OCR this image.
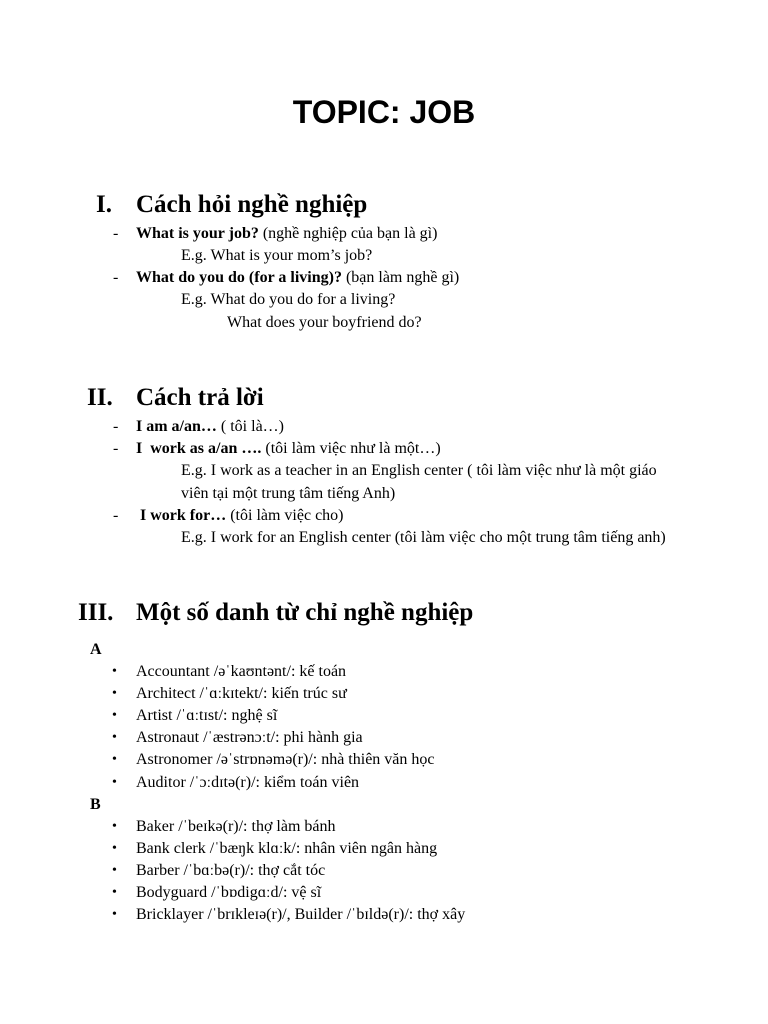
TOPIC: JOB
I. Cách hỏi nghề nghiệp
- What is your job? (nghề nghiệp của bạn là gì)
E.g. What is your mom’s job?
- What do you do (for a living)? (bạn làm nghề gì)
E.g. What do you do for a living?
What does your boyfriend do?
II. Cách trả lời
- I am a/an… ( tôi là…)
- I  work as a/an …. (tôi làm việc như là một…)
E.g. I work as a teacher in an English center ( tôi làm việc như là một giáo
viên tại một trung tâm tiếng Anh)
- I work for… (tôi làm việc cho)
E.g. I work for an English center (tôi làm việc cho một trung tâm tiếng anh)
III. Một số danh từ chỉ nghề nghiệp
A
• Accountant /əˈkaʊntənt/: kế toán
• Architect /ˈɑːkɪtekt/: kiến trúc sư
• Artist /ˈɑːtɪst/: nghệ sĩ
• Astronaut /ˈæstrənɔːt/: phi hành gia
• Astronomer /əˈstrɒnəmə(r)/: nhà thiên văn học
• Auditor /ˈɔːdɪtə(r)/: kiểm toán viên
B
• Baker /ˈbeɪkə(r)/: thợ làm bánh
• Bank clerk /ˈbæŋk klɑːk/: nhân viên ngân hàng
• Barber /ˈbɑːbə(r)/: thợ cắt tóc
• Bodyguard /ˈbɒdigɑːd/: vệ sĩ
• Bricklayer /ˈbrɪkleɪə(r)/, Builder /ˈbɪldə(r)/: thợ xây
